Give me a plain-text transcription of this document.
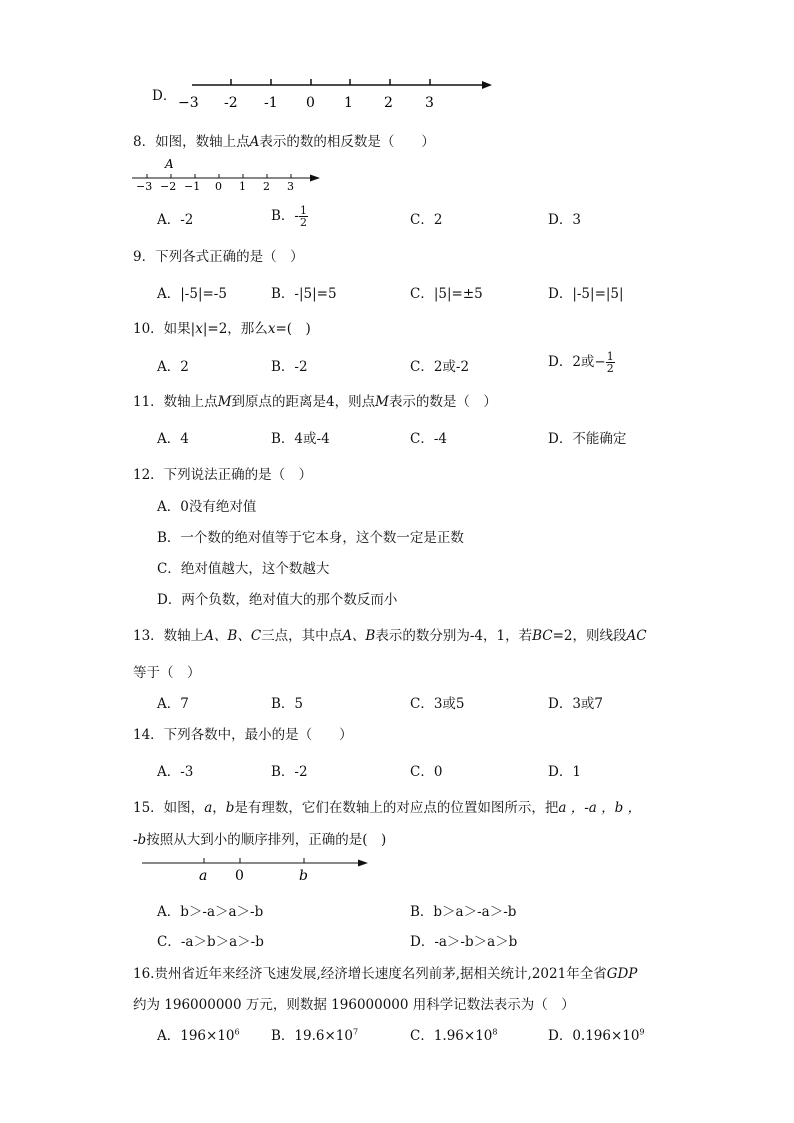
D． −3 -2 -1 0 1 2 3
8．如图，数轴上点A表示的数的相反数是（　　）
A
−3 −2 −1 0 1 2 3
A．-2	B．- $\frac{1}{2}$	C．2	D．3
9．下列各式正确的是（　）
A．|-5|=-5	B．-|5|=5	C．|5|=±5	D．|-5|=|5|
10．如果|x|=2，那么x=(　)
A．2	B．-2	C．2或-2	D．2或− $\frac{1}{2}$
11．数轴上点M到原点的距离是4，则点M表示的数是（　）
A．4	B．4或-4	C．-4	D．不能确定
12．下列说法正确的是（　）
A．0没有绝对值
B．一个数的绝对值等于它本身，这个数一定是正数
C．绝对值越大，这个数越大
D．两个负数，绝对值大的那个数反而小
13．数轴上A、B、C三点，其中点A、B表示的数分别为-4，1，若BC=2，则线段AC
等于（　）
A．7	B．5	C．3或5	D．3或7
14．下列各数中，最小的是（　　）
A．-3	B．-2	C．0	D．1
15．如图，a，b是有理数，它们在数轴上的对应点的位置如图所示，把a ，-a ，b ，
-b按照从大到小的顺序排列，正确的是(　)
a 0	b
A．b＞-a＞a＞-b	B．b＞a＞-a＞-b
C．-a＞b＞a＞-b	D．-a＞-b＞a＞b
16.贵州省近年来经济飞速发展,经济增长速度名列前茅,据相关统计,2021年全省GDP
约为 196000000 万元，则数据 196000000 用科学记数法表示为（　）
A．$196\times 10^6$ B．$19.6\times 10^7$	C．$1.96\times 10^8$	D．$0.196\times 10^9$
